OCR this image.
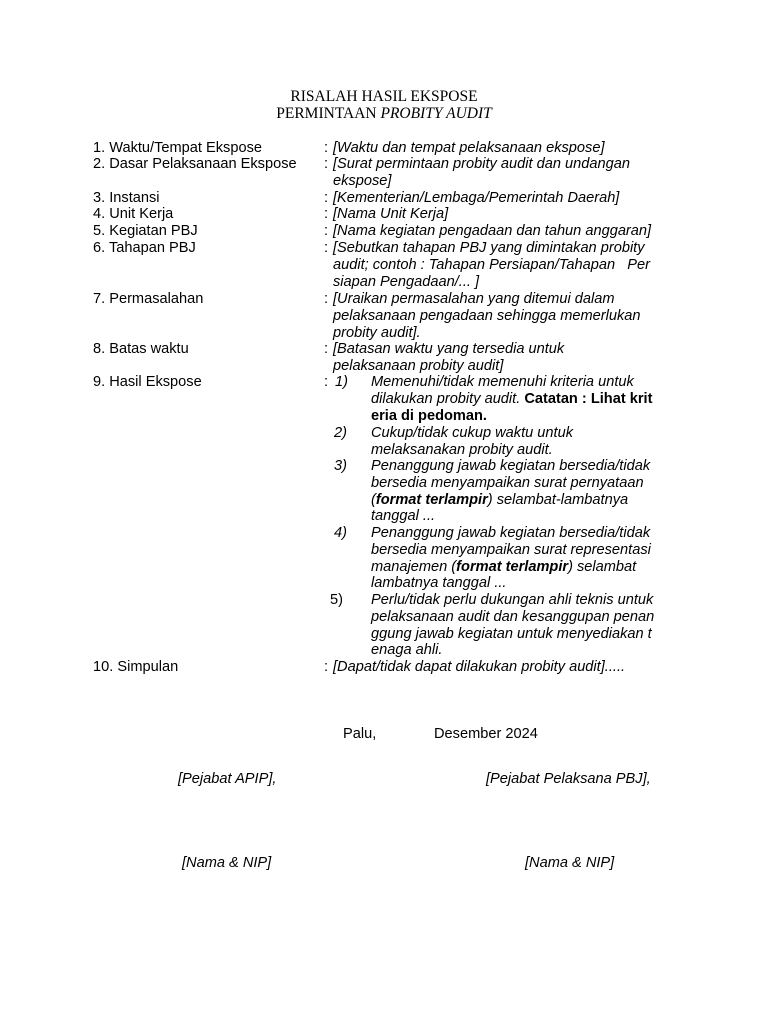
RISALAH HASIL EKSPOSE
PERMINTAAN PROBITY AUDIT
1. Waktu/Tempat Ekspose	: [Waktu dan tempat pelaksanaan ekspose]
2. Dasar Pelaksanaan Ekspose : [Surat permintaan probity audit dan undangan
ekspose]
3. Instansi	: [Kementerian/Lembaga/Pemerintah Daerah]
4. Unit Kerja	: [Nama Unit Kerja]
5. Kegiatan PBJ	: [Nama kegiatan pengadaan dan tahun anggaran]
6. Tahapan PBJ	: [Sebutkan tahapan PBJ yang dimintakan probity
audit; contoh : Tahapan Persiapan/Tahapan   Per
siapan Pengadaan/... ]
7. Permasalahan	: [Uraikan permasalahan yang ditemui dalam
pelaksanaan pengadaan sehingga memerlukan
probity audit].
8. Batas waktu	: [Batasan waktu yang tersedia untuk
pelaksanaan probity audit]
9. Hasil Ekspose	: 1) Memenuhi/tidak memenuhi kriteria untuk
dilakukan probity audit. Catatan : Lihat krit
eria di pedoman.
2) Cukup/tidak cukup waktu untuk
melaksanakan probity audit.
3) Penanggung jawab kegiatan bersedia/tidak
bersedia menyampaikan surat pernyataan
(format terlampir) selambat-lambatnya
tanggal ...
4) Penanggung jawab kegiatan bersedia/tidak
bersedia menyampaikan surat representasi
manajemen (format terlampir) selambat
lambatnya tanggal ...
5) Perlu/tidak perlu dukungan ahli teknis untuk
pelaksanaan audit dan kesanggupan penan
ggung jawab kegiatan untuk menyediakan t
enaga ahli.
10. Simpulan	: [Dapat/tidak dapat dilakukan probity audit].....
Palu,	Desember 2024
[Pejabat APIP],	[Pejabat Pelaksana PBJ],
[Nama & NIP]	[Nama & NIP]
